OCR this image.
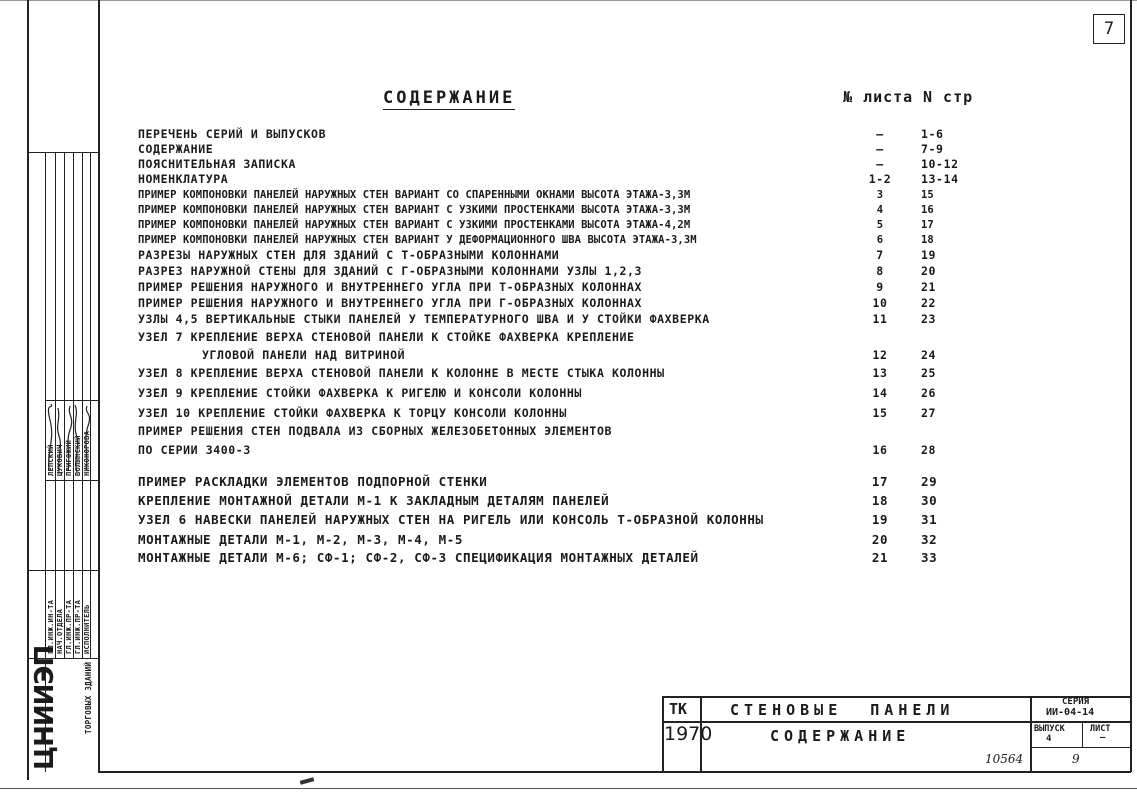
7
ГЛ.ИНЖ.ИН-ТА НАЧ.ОТДЕЛА ГЛ.ИНЖ.ПР-ТА ГЛ.ИНЖ.ПР-ТА ИСПОЛНИТЕЛЬ
ЛЕПСКИЙ ЩУКОВИЧ ПРИГОЖИЙ ВОЛЫНСКИЙ НИКОНОРОВА
ЦНИИЭП	ТОРГОВЫХ ЗДАНИЙ
СОДЕРЖАНИЕ	№ листа N стр
ПЕРЕЧЕНЬ СЕРИЙ И ВЫПУСКОВ	—	1-6
СОДЕРЖАНИЕ	—	7-9
ПОЯСНИТЕЛЬНАЯ ЗАПИСКА	—	10-12
НОМЕНКЛАТУРА	1-2	13-14
ПРИМЕР КОМПОНОВКИ ПАНЕЛЕЙ НАРУЖНЫХ СТЕН ВАРИАНТ СО СПАРЕННЫМИ ОКНАМИ ВЫСОТА ЭТАЖА-3,3М	3	15
ПРИМЕР КОМПОНОВКИ ПАНЕЛЕЙ НАРУЖНЫХ СТЕН ВАРИАНТ С УЗКИМИ ПРОСТЕНКАМИ ВЫСОТА ЭТАЖА-3,3М	4	16
ПРИМЕР КОМПОНОВКИ ПАНЕЛЕЙ НАРУЖНЫХ СТЕН ВАРИАНТ С УЗКИМИ ПРОСТЕНКАМИ ВЫСОТА ЭТАЖА-4,2М	5	17
ПРИМЕР КОМПОНОВКИ ПАНЕЛЕЙ НАРУЖНЫХ СТЕН ВАРИАНТ У ДЕФОРМАЦИОННОГО ШВА ВЫСОТА ЭТАЖА-3,3М	6	18
РАЗРЕЗЫ НАРУЖНЫХ СТЕН ДЛЯ ЗДАНИЙ С Т-ОБРАЗНЫМИ КОЛОННАМИ	7	19
РАЗРЕЗ НАРУЖНОЙ СТЕНЫ ДЛЯ ЗДАНИЙ С Г-ОБРАЗНЫМИ КОЛОННАМИ УЗЛЫ 1,2,3	8	20
ПРИМЕР РЕШЕНИЯ НАРУЖНОГО И ВНУТРЕННЕГО УГЛА ПРИ Т-ОБРАЗНЫХ КОЛОННАХ	9	21
ПРИМЕР РЕШЕНИЯ НАРУЖНОГО И ВНУТРЕННЕГО УГЛА ПРИ Г-ОБРАЗНЫХ КОЛОННАХ	10	22
УЗЛЫ 4,5 ВЕРТИКАЛЬНЫЕ СТЫКИ ПАНЕЛЕЙ У ТЕМПЕРАТУРНОГО ШВА И У СТОЙКИ ФАХВЕРКА	11	23
УЗЕЛ 7 КРЕПЛЕНИЕ ВЕРХА СТЕНОВОЙ ПАНЕЛИ К СТОЙКЕ ФАХВЕРКА КРЕПЛЕНИЕ
УГЛОВОЙ ПАНЕЛИ НАД ВИТРИНОЙ	12	24
УЗЕЛ 8 КРЕПЛЕНИЕ ВЕРХА СТЕНОВОЙ ПАНЕЛИ К КОЛОННЕ В МЕСТЕ СТЫКА КОЛОННЫ	13	25
УЗЕЛ 9 КРЕПЛЕНИЕ СТОЙКИ ФАХВЕРКА К РИГЕЛЮ И КОНСОЛИ КОЛОННЫ	14	26
УЗЕЛ 10 КРЕПЛЕНИЕ СТОЙКИ ФАХВЕРКА К ТОРЦУ КОНСОЛИ КОЛОННЫ	15	27
ПРИМЕР РЕШЕНИЯ СТЕН ПОДВАЛА ИЗ СБОРНЫХ ЖЕЛЕЗОБЕТОННЫХ ЭЛЕМЕНТОВ
ПО СЕРИИ 3400-3	16	28
ПРИМЕР РАСКЛАДКИ ЭЛЕМЕНТОВ ПОДПОРНОЙ СТЕНКИ	17	29
КРЕПЛЕНИЕ МОНТАЖНОЙ ДЕТАЛИ М-1 К ЗАКЛАДНЫМ ДЕТАЛЯМ ПАНЕЛЕЙ	18	30
УЗЕЛ 6 НАВЕСКИ ПАНЕЛЕЙ НАРУЖНЫХ СТЕН НА РИГЕЛЬ ИЛИ КОНСОЛЬ Т-ОБРАЗНОЙ КОЛОННЫ	19	31
МОНТАЖНЫЕ ДЕТАЛИ М-1, М-2, М-3, М-4, М-5	20	32
МОНТАЖНЫЕ ДЕТАЛИ М-6; СФ-1; СФ-2, СФ-3 СПЕЦИФИКАЦИЯ МОНТАЖНЫХ ДЕТАЛЕЙ	21	33
ТК
1970
СТЕНОВЫЕ ПАНЕЛИ
СОДЕРЖАНИЕ
СЕРИЯ
ИИ-04-14
ВЫПУСК
4
ЛИСТ
—
10564	9
